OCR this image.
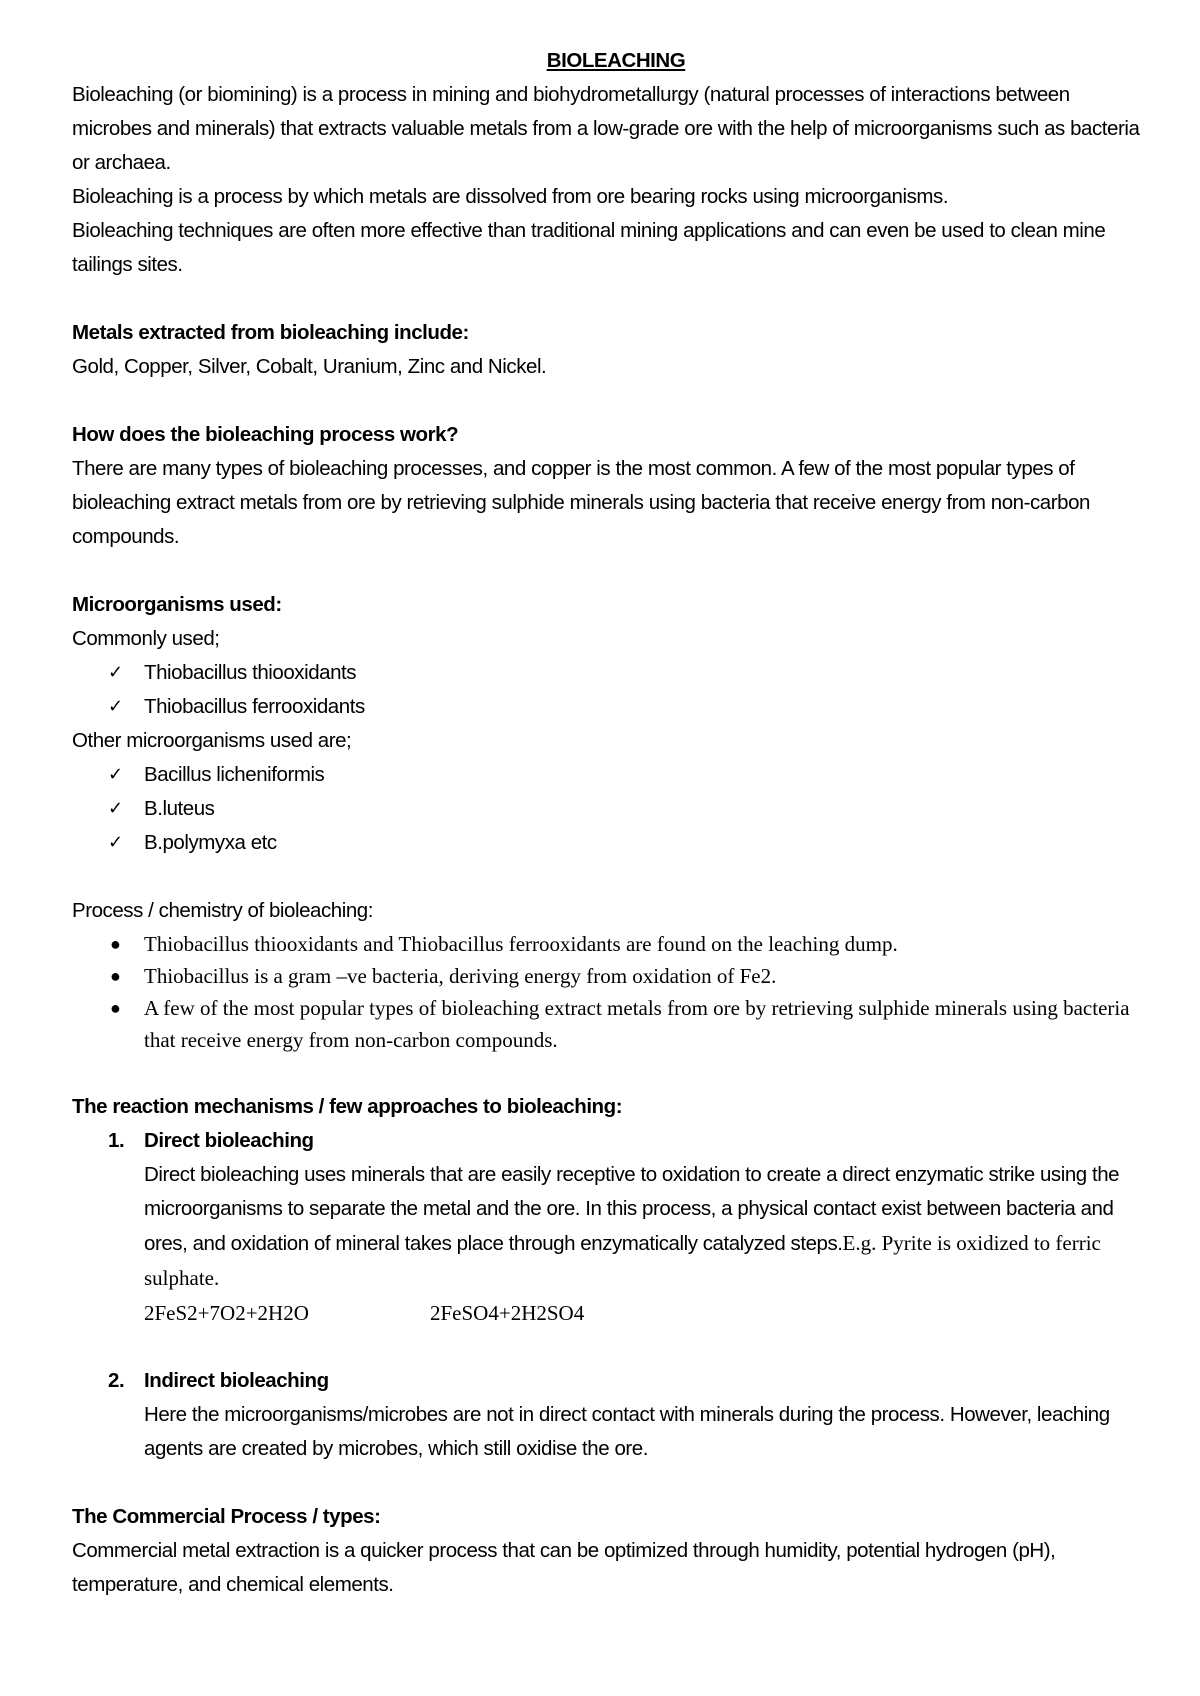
BIOLEACHING

Bioleaching (or biomining) is a process in mining and biohydrometallurgy (natural processes of interactions between microbes and minerals) that extracts valuable metals from a low-grade ore with the help of microorganisms such as bacteria or archaea.

Bioleaching is a process by which metals are dissolved from ore bearing rocks using microorganisms.

Bioleaching techniques are often more effective than traditional mining applications and can even be used to clean mine tailings sites.

Metals extracted from bioleaching include:

Gold, Copper, Silver, Cobalt, Uranium, Zinc and Nickel.

How does the bioleaching process work?

There are many types of bioleaching processes, and copper is the most common. A few of the most popular types of bioleaching extract metals from ore by retrieving sulphide minerals using bacteria that receive energy from non-carbon compounds.

Microorganisms used:

Commonly used;

✓ Thiobacillus thiooxidants
✓ Thiobacillus ferrooxidants

Other microorganisms used are;

✓ Bacillus licheniformis
✓ B.luteus
✓ B.polymyxa etc

Process / chemistry of bioleaching:

● Thiobacillus thiooxidants and Thiobacillus ferrooxidants are found on the leaching dump.
● Thiobacillus is a gram –ve bacteria, deriving energy from oxidation of Fe2.
● A few of the most popular types of bioleaching extract metals from ore by retrieving sulphide minerals using bacteria that receive energy from non-carbon compounds.

The reaction mechanisms / few approaches to bioleaching:

1. Direct bioleaching

Direct bioleaching uses minerals that are easily receptive to oxidation to create a direct enzymatic strike using the microorganisms to separate the metal and the ore. In this process, a physical contact exist between bacteria and ores, and oxidation of mineral takes place through enzymatically catalyzed steps.E.g. Pyrite is oxidized to ferric sulphate.

2FeS2+7O2+2H2O	2FeSO4+2H2SO4

2. Indirect bioleaching

Here the microorganisms/microbes are not in direct contact with minerals during the process. However, leaching agents are created by microbes, which still oxidise the ore.

The Commercial Process / types:

Commercial metal extraction is a quicker process that can be optimized through humidity, potential hydrogen (pH), temperature, and chemical elements.
